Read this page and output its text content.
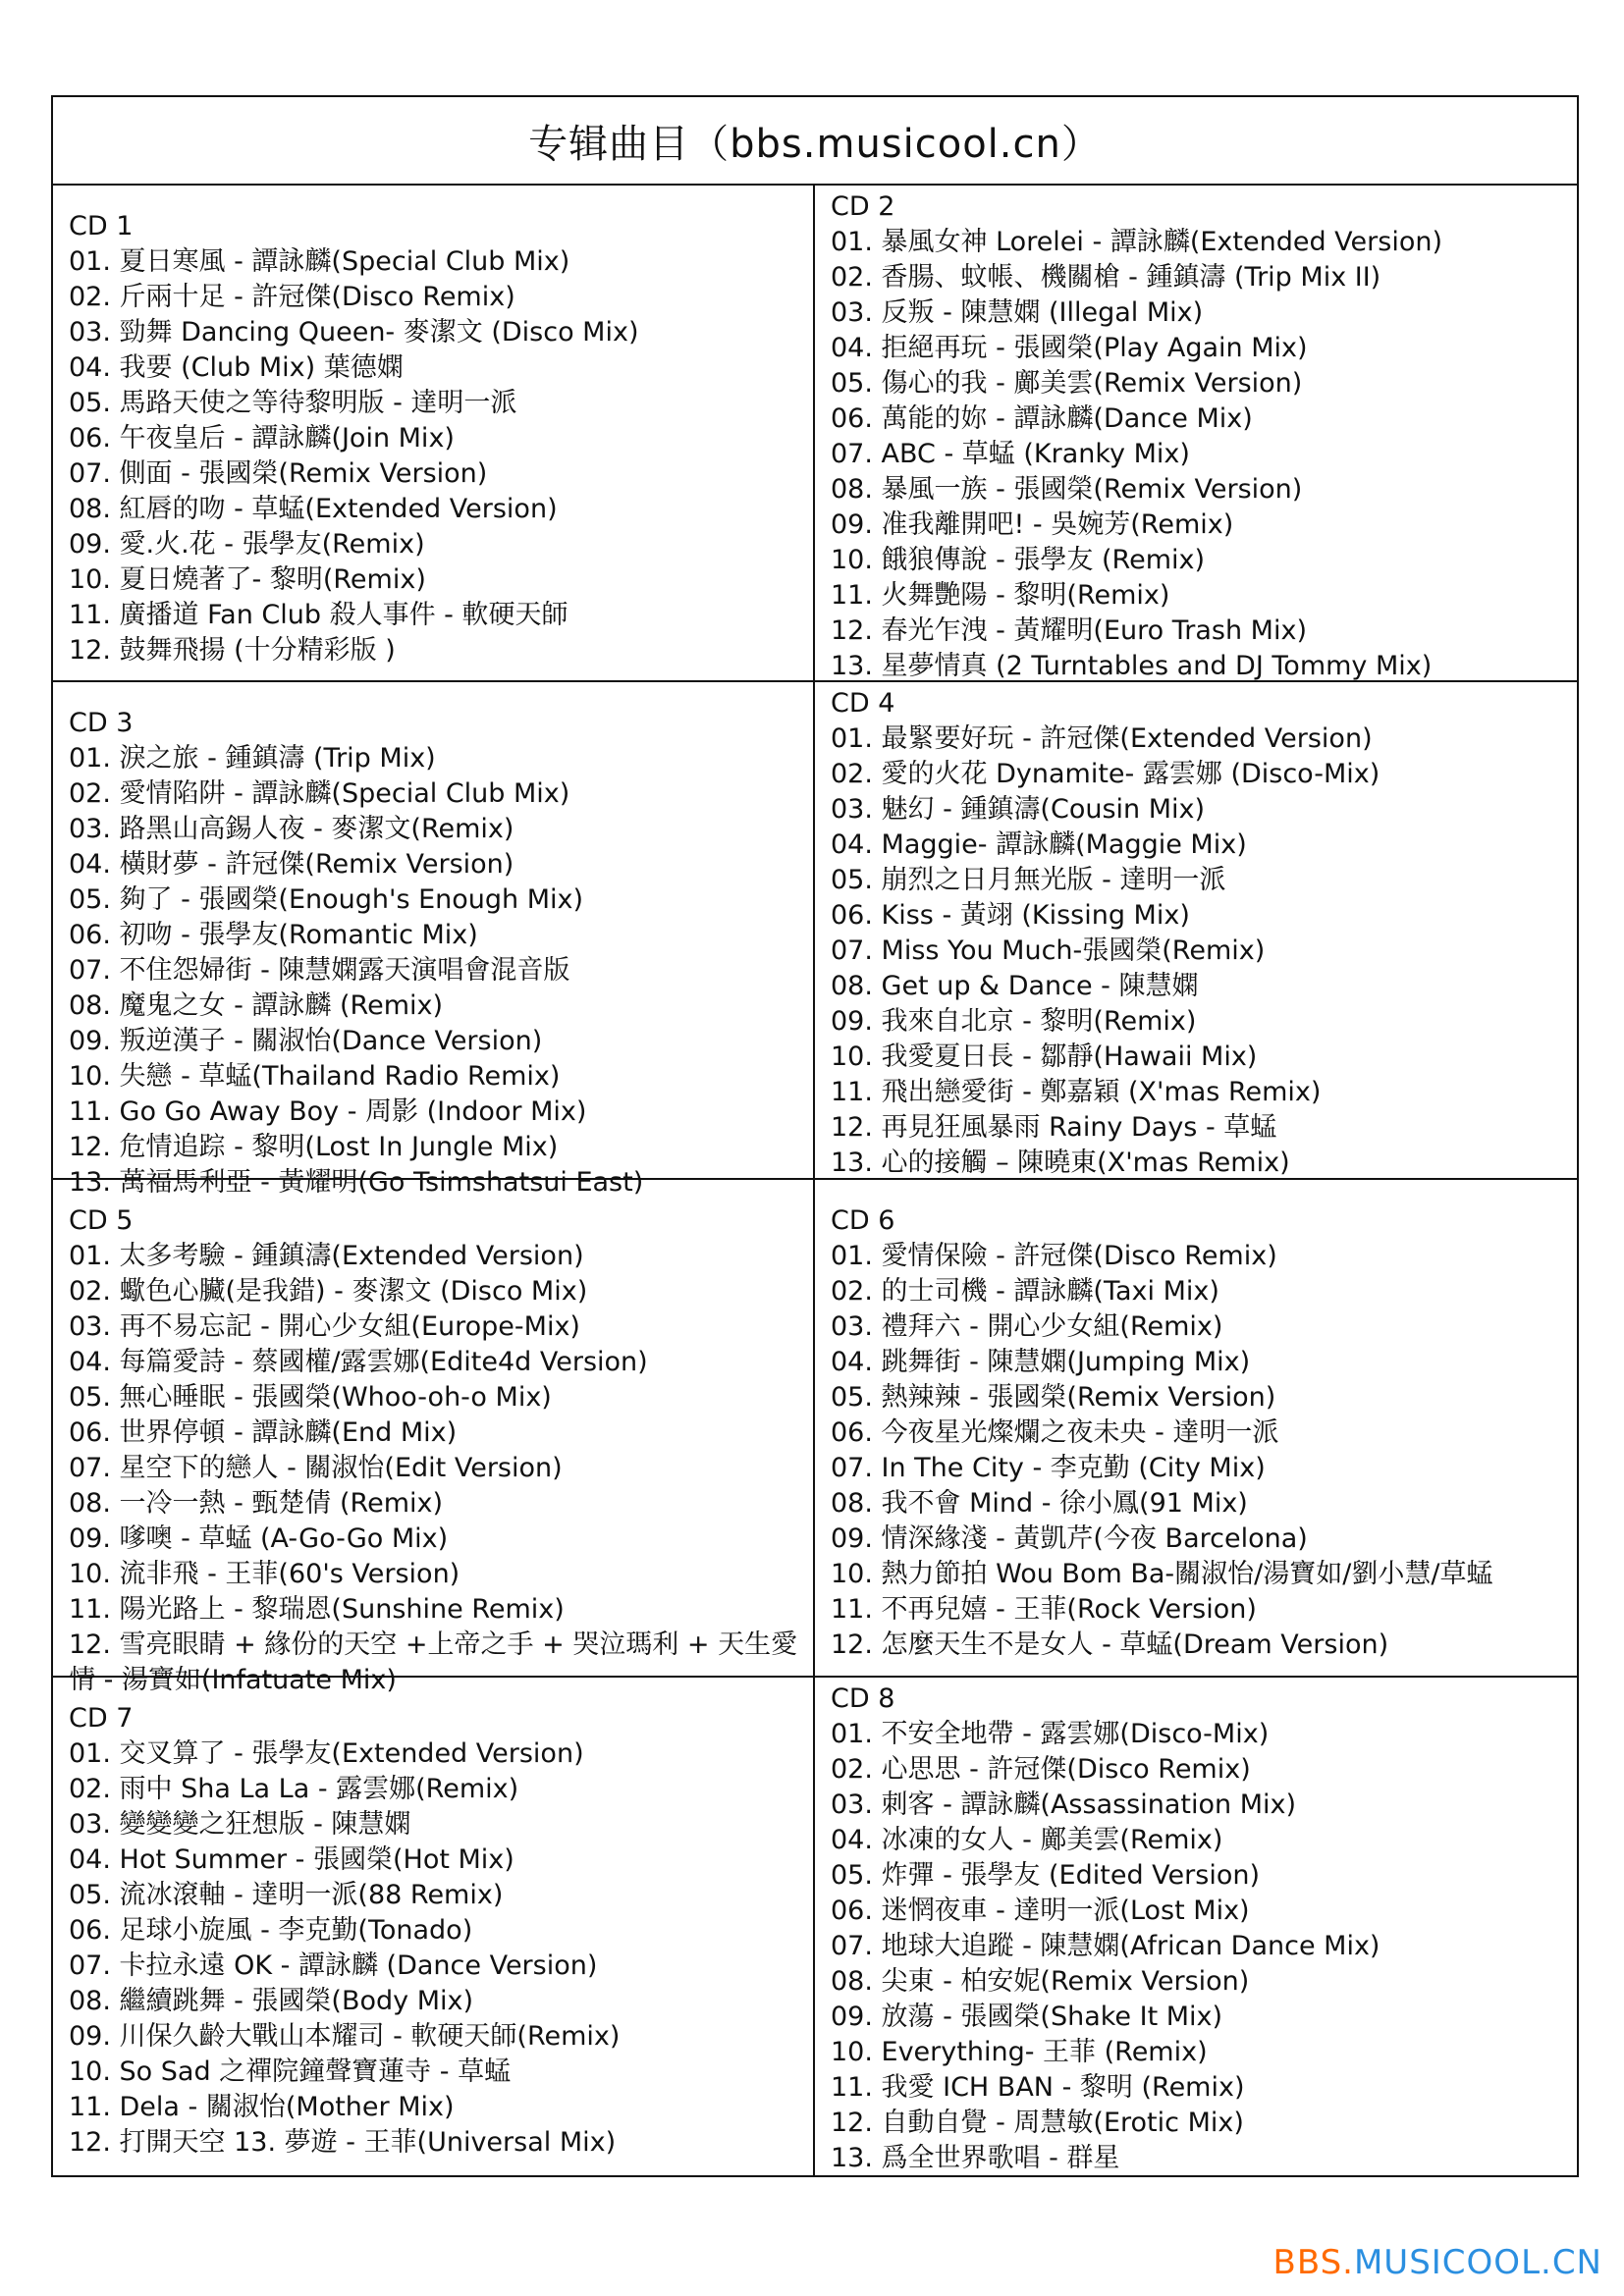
专辑曲目（bbs.musicool.cn）
CD 1
01. 夏日寒風 - 譚詠麟(Special Club Mix)
02. 斤兩十足 - 許冠傑(Disco Remix)
03. 勁舞 Dancing Queen- 麥潔文 (Disco Mix)
04. 我要 (Club Mix) 葉德嫻
05. 馬路天使之等待黎明版 - 達明一派
06. 午夜皇后 - 譚詠麟(Join Mix)
07. 側面 - 張國榮(Remix Version)
08. 紅唇的吻 - 草蜢(Extended Version)
09. 愛.火.花 - 張學友(Remix)
10. 夏日燒著了- 黎明(Remix)
11. 廣播道 Fan Club 殺人事件 - 軟硬天師
12. 鼓舞飛揚 (十分精彩版 )
CD 2
01. 暴風女神 Lorelei - 譚詠麟(Extended Version)
02. 香腸、蚊帳、機關槍 - 鍾鎮濤 (Trip Mix II)
03. 反叛 - 陳慧嫻 (Illegal Mix)
04. 拒絕再玩 - 張國榮(Play Again Mix)
05. 傷心的我 - 鄺美雲(Remix Version)
06. 萬能的妳 - 譚詠麟(Dance Mix)
07. ABC - 草蜢 (Kranky Mix)
08. 暴風一族 - 張國榮(Remix Version)
09. 准我離開吧! - 吳婉芳(Remix)
10. 餓狼傳說 - 張學友 (Remix)
11. 火舞艷陽 - 黎明(Remix)
12. 春光乍洩 - 黃耀明(Euro Trash Mix)
13. 星夢情真 (2 Turntables and DJ Tommy Mix)
CD 3
01. 淚之旅 - 鍾鎮濤 (Trip Mix)
02. 愛情陷阱 - 譚詠麟(Special Club Mix)
03. 路黑山高錫人夜 - 麥潔文(Remix)
04. 橫財夢 - 許冠傑(Remix Version)
05. 夠了 - 張國榮(Enough's Enough Mix)
06. 初吻 - 張學友(Romantic Mix)
07. 不住怨婦街 - 陳慧嫻露天演唱會混音版
08. 魔鬼之女 - 譚詠麟 (Remix)
09. 叛逆漢子 - 關淑怡(Dance Version)
10. 失戀 - 草蜢(Thailand Radio Remix)
11. Go Go Away Boy - 周影 (Indoor Mix)
12. 危情追踪 - 黎明(Lost In Jungle Mix)
13. 萬福馬利亞 - 黃耀明(Go Tsimshatsui East)
CD 4
01. 最緊要好玩 - 許冠傑(Extended Version)
02. 愛的火花 Dynamite- 露雲娜 (Disco-Mix)
03. 魅幻 - 鍾鎮濤(Cousin Mix)
04. Maggie- 譚詠麟(Maggie Mix)
05. 崩烈之日月無光版 - 達明一派
06. Kiss - 黃翊 (Kissing Mix)
07. Miss You Much-張國榮(Remix)
08. Get up & Dance - 陳慧嫻
09. 我來自北京 - 黎明(Remix)
10. 我愛夏日長 - 鄒靜(Hawaii Mix)
11. 飛出戀愛街 - 鄭嘉穎 (X'mas Remix)
12. 再見狂風暴雨 Rainy Days - 草蜢
13. 心的接觸 – 陳曉東(X'mas Remix)
CD 5
01. 太多考驗 - 鍾鎮濤(Extended Version)
02. 蠍色心臟(是我錯) - 麥潔文 (Disco Mix)
03. 再不易忘記 - 開心少女組(Europe-Mix)
04. 每篇愛詩 - 蔡國權/露雲娜(Edite4d Version)
05. 無心睡眠 - 張國榮(Whoo-oh-o Mix)
06. 世界停頓 - 譚詠麟(End Mix)
07. 星空下的戀人 - 關淑怡(Edit Version)
08. 一冷一熱 - 甄楚倩 (Remix)
09. 嗲噢 - 草蜢 (A-Go-Go Mix)
10. 流非飛 - 王菲(60's Version)
11. 陽光路上 - 黎瑞恩(Sunshine Remix)
12. 雪亮眼睛 + 緣份的天空 +上帝之手 + 哭泣瑪利 + 天生愛情 - 湯寶如(Infatuate Mix)
CD 6
01. 愛情保險 - 許冠傑(Disco Remix)
02. 的士司機 - 譚詠麟(Taxi Mix)
03. 禮拜六 - 開心少女組(Remix)
04. 跳舞街 - 陳慧嫻(Jumping Mix)
05. 熱辣辣 - 張國榮(Remix Version)
06. 今夜星光燦爛之夜未央 - 達明一派
07. In The City - 李克勤 (City Mix)
08. 我不會 Mind - 徐小鳳(91 Mix)
09. 情深緣淺 - 黃凱芹(今夜 Barcelona)
10. 熱力節拍 Wou Bom Ba-關淑怡/湯寶如/劉小慧/草蜢
11. 不再兒嬉 - 王菲(Rock Version)
12. 怎麼天生不是女人 - 草蜢(Dream Version)
CD 7
01. 交叉算了 - 張學友(Extended Version)
02. 雨中 Sha La La - 露雲娜(Remix)
03. 變變變之狂想版 - 陳慧嫻
04. Hot Summer - 張國榮(Hot Mix)
05. 流冰滾軸 - 達明一派(88 Remix)
06. 足球小旋風 - 李克勤(Tonado)
07. 卡拉永遠 OK - 譚詠麟 (Dance Version)
08. 繼續跳舞 - 張國榮(Body Mix)
09. 川保久齡大戰山本耀司 - 軟硬天師(Remix)
10. So Sad 之禪院鐘聲寶蓮寺 - 草蜢
11. Dela - 關淑怡(Mother Mix)
12. 打開天空 13. 夢遊 - 王菲(Universal Mix)
CD 8
01. 不安全地帶 - 露雲娜(Disco-Mix)
02. 心思思 - 許冠傑(Disco Remix)
03. 刺客 - 譚詠麟(Assassination Mix)
04. 冰凍的女人 - 鄺美雲(Remix)
05. 炸彈 - 張學友 (Edited Version)
06. 迷惘夜車 - 達明一派(Lost Mix)
07. 地球大追蹤 - 陳慧嫻(African Dance Mix)
08. 尖東 - 柏安妮(Remix Version)
09. 放蕩 - 張國榮(Shake It Mix)
10. Everything- 王菲 (Remix)
11. 我愛 ICH BAN - 黎明 (Remix)
12. 自動自覺 - 周慧敏(Erotic Mix)
13. 爲全世界歌唱 - 群星
BBS.MUSICOOL.CN
